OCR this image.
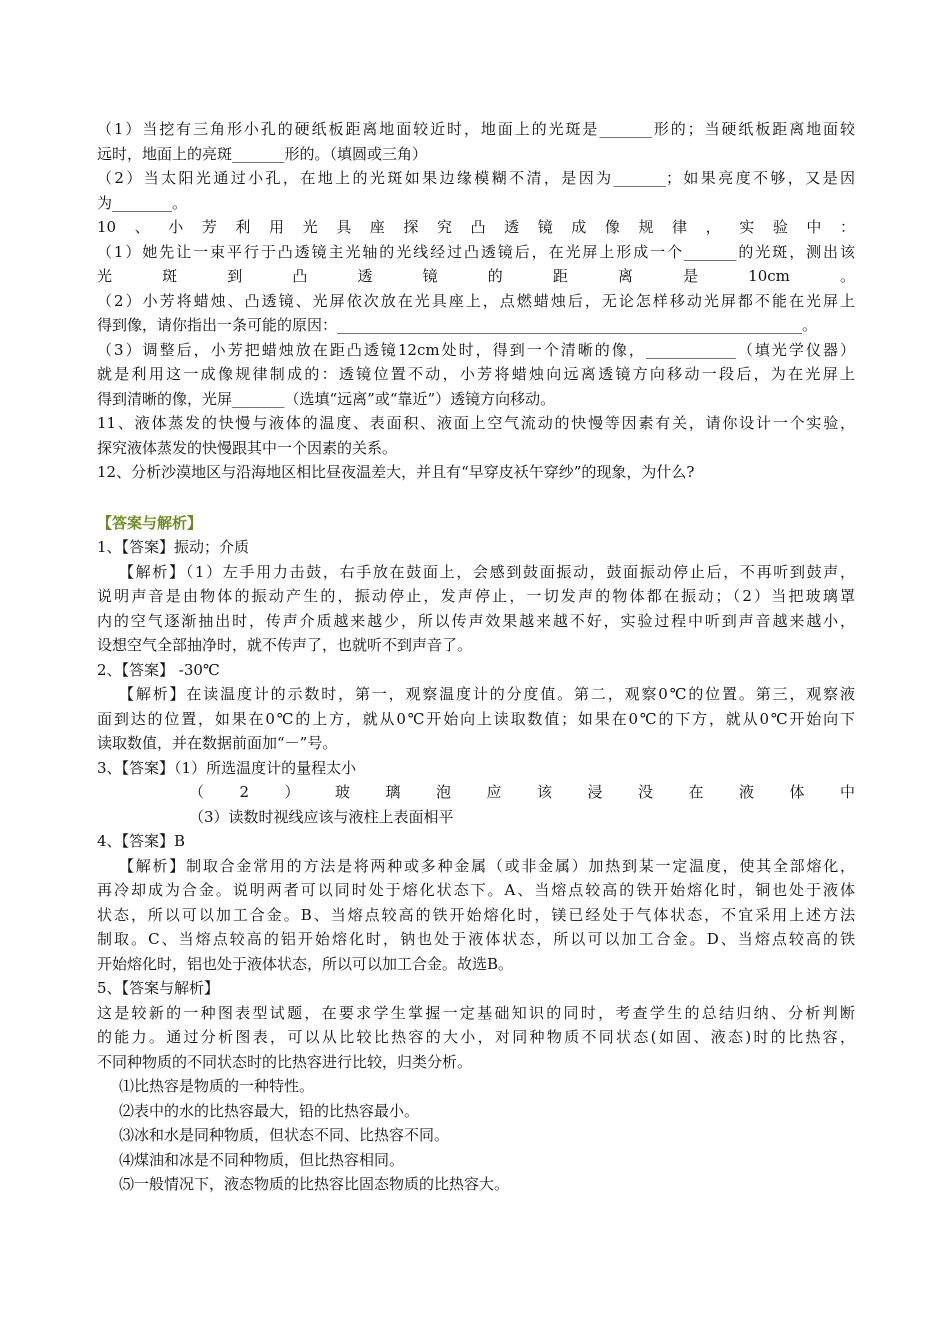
（1）当挖有三角形小孔的硬纸板距离地面较近时，地面上的光斑是_______形的；当硬纸板距离地面较

远时，地面上的亮斑_______形的。（填圆或三角）

（2）当太阳光通过小孔，在地上的光斑如果边缘模糊不清，是因为_______；如果亮度不够，又是因

为________。

10、小芳利用光具座探究凸透镜成像规律，实验中：

（1）她先让一束平行于凸透镜主光轴的光线经过凸透镜后，在光屏上形成一个_______的光斑，测出该

光斑到凸透镜的距离是10cm。

（2）小芳将蜡烛、凸透镜、光屏依次放在光具座上，点燃蜡烛后，无论怎样移动光屏都不能在光屏上

得到像，请你指出一条可能的原因：______________________________________________________________。

（3）调整后，小芳把蜡烛放在距凸透镜12cm处时，得到一个清晰的像，____________（填光学仪器）

就是利用这一成像规律制成的：透镜位置不动，小芳将蜡烛向远离透镜方向移动一段后，为在光屏上

得到清晰的像，光屏_______（选填“远离”或“靠近”）透镜方向移动。

11、液体蒸发的快慢与液体的温度、表面积、液面上空气流动的快慢等因素有关，请你设计一个实验，

探究液体蒸发的快慢跟其中一个因素的关系。

12、分析沙漠地区与沿海地区相比昼夜温差大，并且有“早穿皮袄午穿纱”的现象，为什么?

【答案与解析】

1、【答案】振动；介质

【解析】（1）左手用力击鼓，右手放在鼓面上，会感到鼓面振动，鼓面振动停止后，不再听到鼓声，

说明声音是由物体的振动产生的，振动停止，发声停止，一切发声的物体都在振动；（2）当把玻璃罩

内的空气逐渐抽出时，传声介质越来越少，所以传声效果越来越不好，实验过程中听到声音越来越小，

设想空气全部抽净时，就不传声了，也就听不到声音了。

2、【答案】 -30℃

【解析】在读温度计的示数时，第一，观察温度计的分度值。第二，观察0℃的位置。第三，观察液

面到达的位置，如果在0℃的上方，就从0℃开始向上读取数值；如果在0℃的下方，就从0℃开始向下

读取数值，并在数据前面加“－”号。

3、【答案】（1）所选温度计的量程太小

（2）玻璃泡应该浸没在液体中

（3）读数时视线应该与液柱上表面相平

4、【答案】B

【解析】制取合金常用的方法是将两种或多种金属（或非金属）加热到某一定温度，使其全部熔化，

再冷却成为合金。说明两者可以同时处于熔化状态下。A、当熔点较高的铁开始熔化时，铜也处于液体

状态，所以可以加工合金。B、当熔点较高的铁开始熔化时，镁已经处于气体状态，不宜采用上述方法

制取。C、当熔点较高的铝开始熔化时，钠也处于液体状态，所以可以加工合金。D、当熔点较高的铁

开始熔化时，铝也处于液体状态，所以可以加工合金。故选B。

5、【答案与解析】

这是较新的一种图表型试题，在要求学生掌握一定基础知识的同时，考查学生的总结归纳、分析判断

的能力。通过分析图表，可以从比较比热容的大小，对同种物质不同状态(如固、液态)时的比热容，

不同种物质的不同状态时的比热容进行比较，归类分析。

⑴比热容是物质的一种特性。

⑵表中的水的比热容最大，铅的比热容最小。

⑶冰和水是同种物质，但状态不同、比热容不同。

⑷煤油和冰是不同种物质，但比热容相同。

⑸一般情况下，液态物质的比热容比固态物质的比热容大。
